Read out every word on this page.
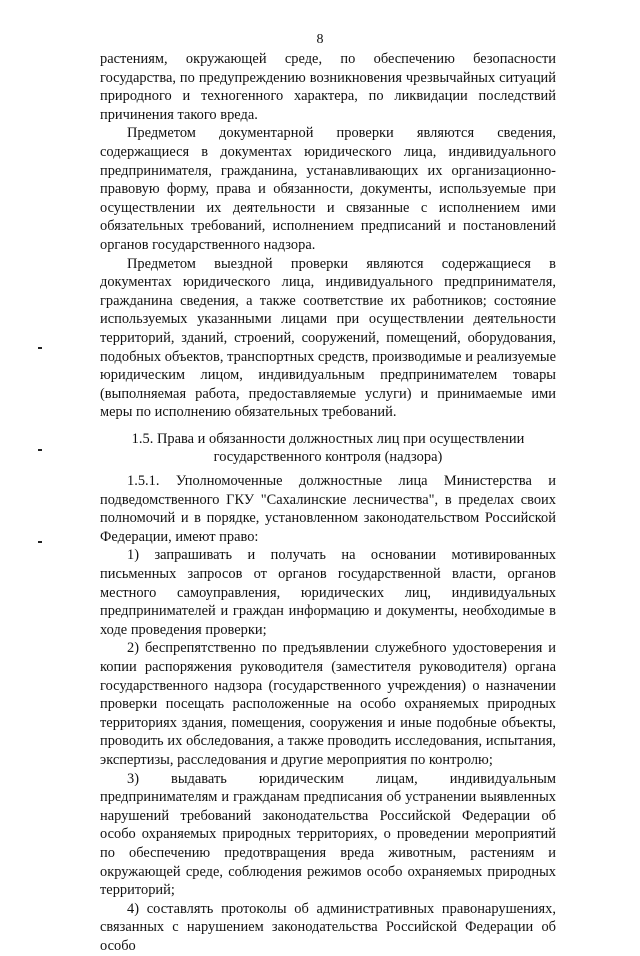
8

растениям, окружающей среде, по обеспечению безопасности государства, по предупреждению возникновения чрезвычайных ситуаций природного и техногенного характера, по ликвидации последствий причинения такого вреда.

Предметом документарной проверки являются сведения, содержащиеся в документах юридического лица, индивидуального предпринимателя, гражданина, устанавливающих их организационно-правовую форму, права и обязанности, документы, используемые при осуществлении их деятельности и связанные с исполнением ими обязательных требований, исполнением предписаний и постановлений органов государственного надзора.

Предметом выездной проверки являются содержащиеся в документах юридического лица, индивидуального предпринимателя, гражданина сведения, а также соответствие их работников; состояние используемых указанными лицами при осуществлении деятельности территорий, зданий, строений, сооружений, помещений, оборудования, подобных объектов, транспортных средств, производимые и реализуемые юридическим лицом, индивидуальным предпринимателем товары (выполняемая работа, предоставляемые услуги) и принимаемые ими меры по исполнению обязательных требований.

1.5. Права и обязанности должностных лиц при осуществлении государственного контроля (надзора)

1.5.1. Уполномоченные должностные лица Министерства и подведомственного ГКУ "Сахалинские лесничества", в пределах своих полномочий и в порядке, установленном законодательством Российской Федерации, имеют право:

1) запрашивать и получать на основании мотивированных письменных запросов от органов государственной власти, органов местного самоуправления, юридических лиц, индивидуальных предпринимателей и граждан информацию и документы, необходимые в ходе проведения проверки;

2) беспрепятственно по предъявлении служебного удостоверения и копии распоряжения руководителя (заместителя руководителя) органа государственного надзора (государственного учреждения) о назначении проверки посещать расположенные на особо охраняемых природных территориях здания, помещения, сооружения и иные подобные объекты, проводить их обследования, а также проводить исследования, испытания, экспертизы, расследования и другие мероприятия по контролю;

3) выдавать юридическим лицам, индивидуальным предпринимателям и гражданам предписания об устранении выявленных нарушений требований законодательства Российской Федерации об особо охраняемых природных территориях, о проведении мероприятий по обеспечению предотвращения вреда животным, растениям и окружающей среде, соблюдения режимов особо охраняемых природных территорий;

4) составлять протоколы об административных правонарушениях, связанных с нарушением законодательства Российской Федерации об особо
